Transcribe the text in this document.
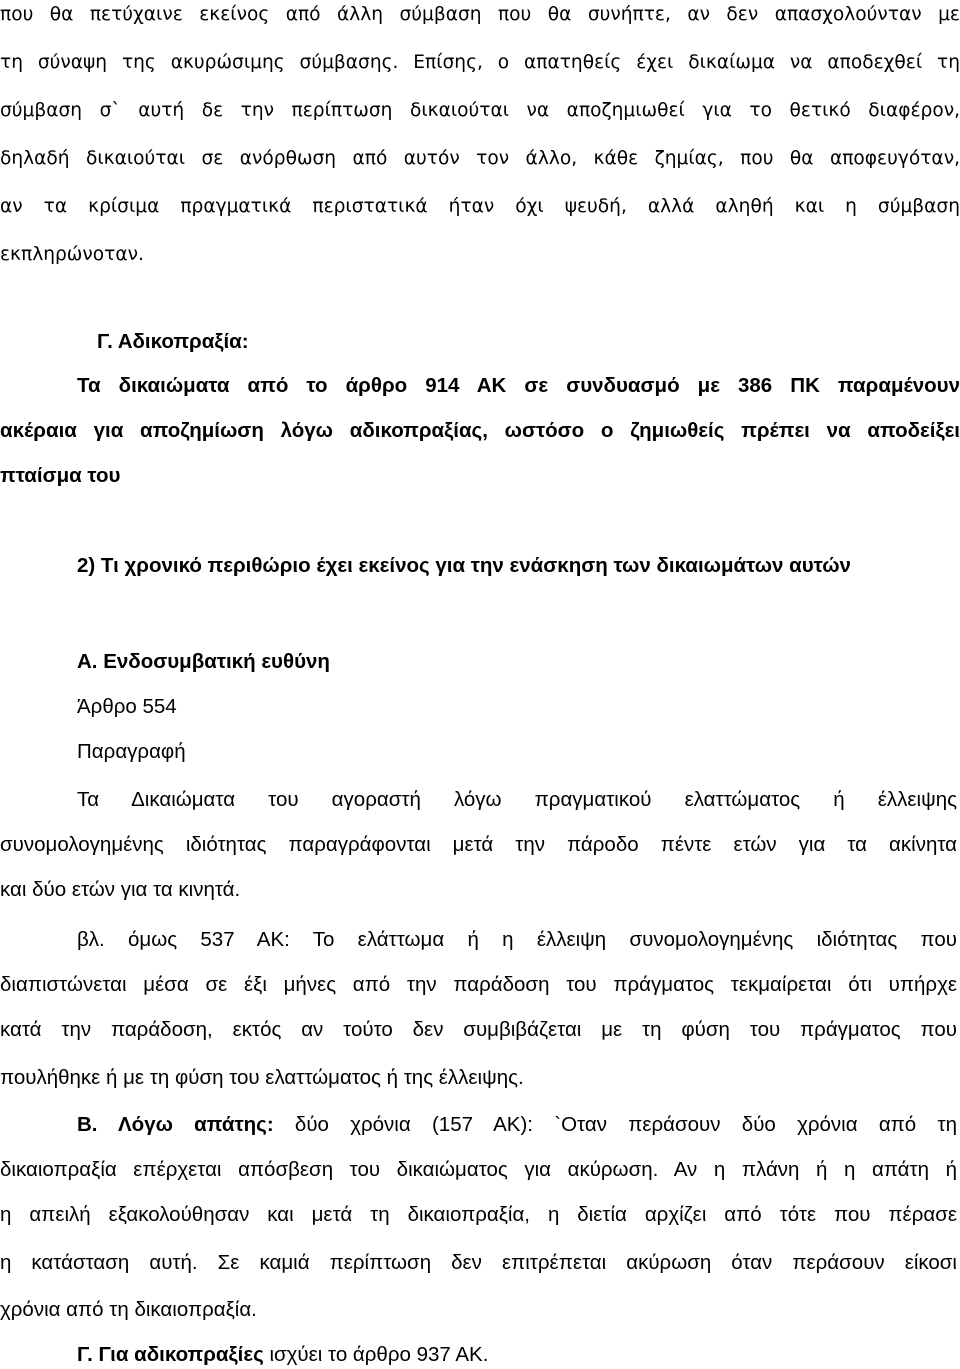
που θα πετύχαινε εκείνος από άλλη σύμβαση που θα συνήπτε, αν δεν απασχολούνταν με
τη σύναψη της ακυρώσιμης σύμβασης. Επίσης, ο απατηθείς έχει δικαίωμα να αποδεχθεί τη
σύμβαση σ` αυτή δε την περίπτωση δικαιούται να αποζημιωθεί για το θετικό διαφέρον,
δηλαδή δικαιούται σε ανόρθωση από αυτόν τον άλλο, κάθε ζημίας, που θα αποφευγόταν,
αν τα κρίσιμα πραγματικά περιστατικά ήταν όχι ψευδή, αλλά αληθή και η σύμβαση
εκπληρώνοταν.
Γ. Αδικοπραξία:
Τα δικαιώματα από το άρθρο 914 ΑΚ σε συνδυασμό με 386 ΠΚ παραμένουν
ακέραια για αποζημίωση λόγω αδικοπραξίας, ωστόσο ο ζημιωθείς πρέπει να αποδείξει
πταίσμα του
2) Τι χρονικό περιθώριο έχει εκείνος για την ενάσκηση των δικαιωμάτων αυτών
Α. Ενδοσυμβατική ευθύνη
Άρθρο 554
Παραγραφή
Τα Δικαιώματα του αγοραστή λόγω πραγματικού ελαττώματος ή έλλειψης
συνομολογημένης ιδιότητας παραγράφονται μετά την πάροδο πέντε ετών για τα ακίνητα
και δύο ετών για τα κινητά.
βλ. όμως 537 ΑΚ: Το ελάττωμα ή η έλλειψη συνομολογημένης ιδιότητας που
διαπιστώνεται μέσα σε έξι μήνες από την παράδοση του πράγματος τεκμαίρεται ότι υπήρχε
κατά την παράδοση, εκτός αν τούτο δεν συμβιβάζεται με τη φύση του πράγματος που
πουλήθηκε ή με τη φύση του ελαττώματος ή της έλλειψης.
Β. Λόγω απάτης: δύο χρόνια (157 ΑΚ): `Οταν περάσουν δύο χρόνια από τη
δικαιοπραξία επέρχεται απόσβεση του δικαιώματος για ακύρωση. Αν η πλάνη ή η απάτη ή
η απειλή εξακολούθησαν και μετά τη δικαιοπραξία, η διετία αρχίζει από τότε που πέρασε
η κατάσταση αυτή. Σε καμιά περίπτωση δεν επιτρέπεται ακύρωση όταν περάσουν είκοσι
χρόνια από τη δικαιοπραξία.
Γ. Για αδικοπραξίες ισχύει το άρθρο 937 ΑΚ.
